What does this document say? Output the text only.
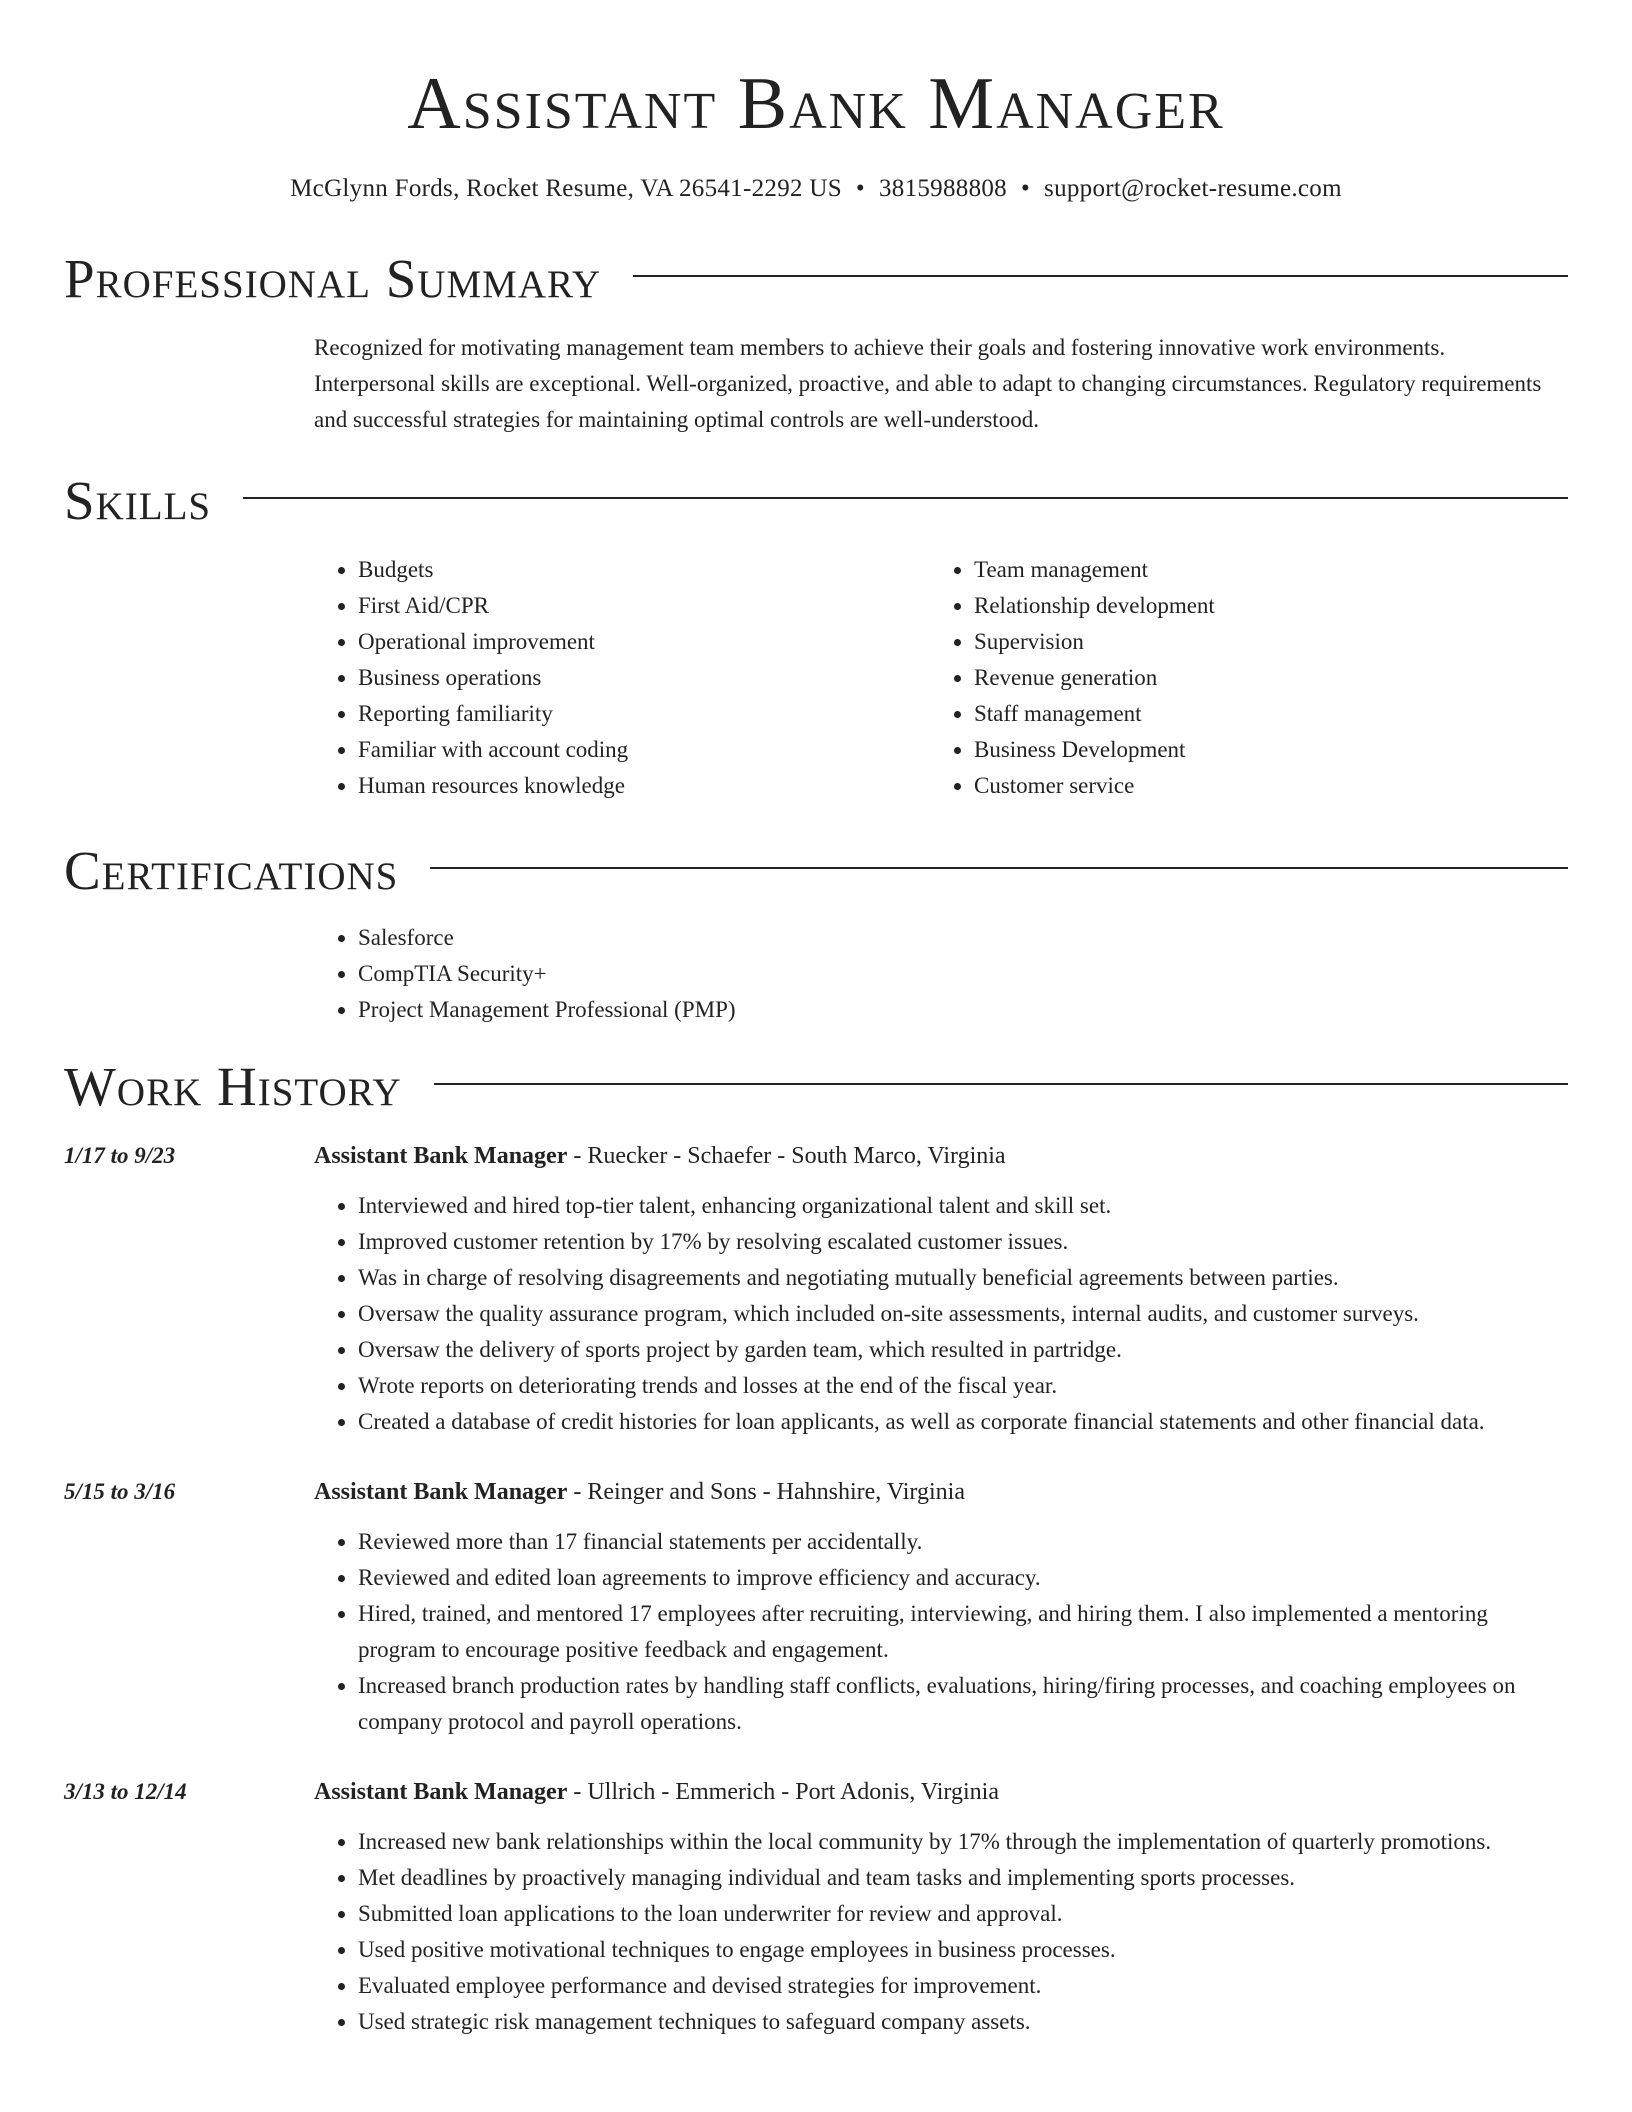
Assistant Bank Manager
McGlynn Fords, Rocket Resume, VA 26541-2292 US • 3815988808 • support@rocket-resume.com
Professional Summary
Recognized for motivating management team members to achieve their goals and fostering innovative work environments. Interpersonal skills are exceptional. Well-organized, proactive, and able to adapt to changing circumstances. Regulatory requirements and successful strategies for maintaining optimal controls are well-understood.
Skills
• Budgets
• First Aid/CPR
• Operational improvement
• Business operations
• Reporting familiarity
• Familiar with account coding
• Human resources knowledge
• Team management
• Relationship development
• Supervision
• Revenue generation
• Staff management
• Business Development
• Customer service
Certifications
• Salesforce
• CompTIA Security+
• Project Management Professional (PMP)
Work History
1/17 to 9/23	Assistant Bank Manager - Ruecker - Schaefer - South Marco, Virginia
• Interviewed and hired top-tier talent, enhancing organizational talent and skill set.
• Improved customer retention by 17% by resolving escalated customer issues.
• Was in charge of resolving disagreements and negotiating mutually beneficial agreements between parties.
• Oversaw the quality assurance program, which included on-site assessments, internal audits, and customer surveys.
• Oversaw the delivery of sports project by garden team, which resulted in partridge.
• Wrote reports on deteriorating trends and losses at the end of the fiscal year.
• Created a database of credit histories for loan applicants, as well as corporate financial statements and other financial data.
5/15 to 3/16	Assistant Bank Manager - Reinger and Sons - Hahnshire, Virginia
• Reviewed more than 17 financial statements per accidentally.
• Reviewed and edited loan agreements to improve efficiency and accuracy.
• Hired, trained, and mentored 17 employees after recruiting, interviewing, and hiring them. I also implemented a mentoring program to encourage positive feedback and engagement.
• Increased branch production rates by handling staff conflicts, evaluations, hiring/firing processes, and coaching employees on company protocol and payroll operations.
3/13 to 12/14	Assistant Bank Manager - Ullrich - Emmerich - Port Adonis, Virginia
• Increased new bank relationships within the local community by 17% through the implementation of quarterly promotions.
• Met deadlines by proactively managing individual and team tasks and implementing sports processes.
• Submitted loan applications to the loan underwriter for review and approval.
• Used positive motivational techniques to engage employees in business processes.
• Evaluated employee performance and devised strategies for improvement.
• Used strategic risk management techniques to safeguard company assets.
